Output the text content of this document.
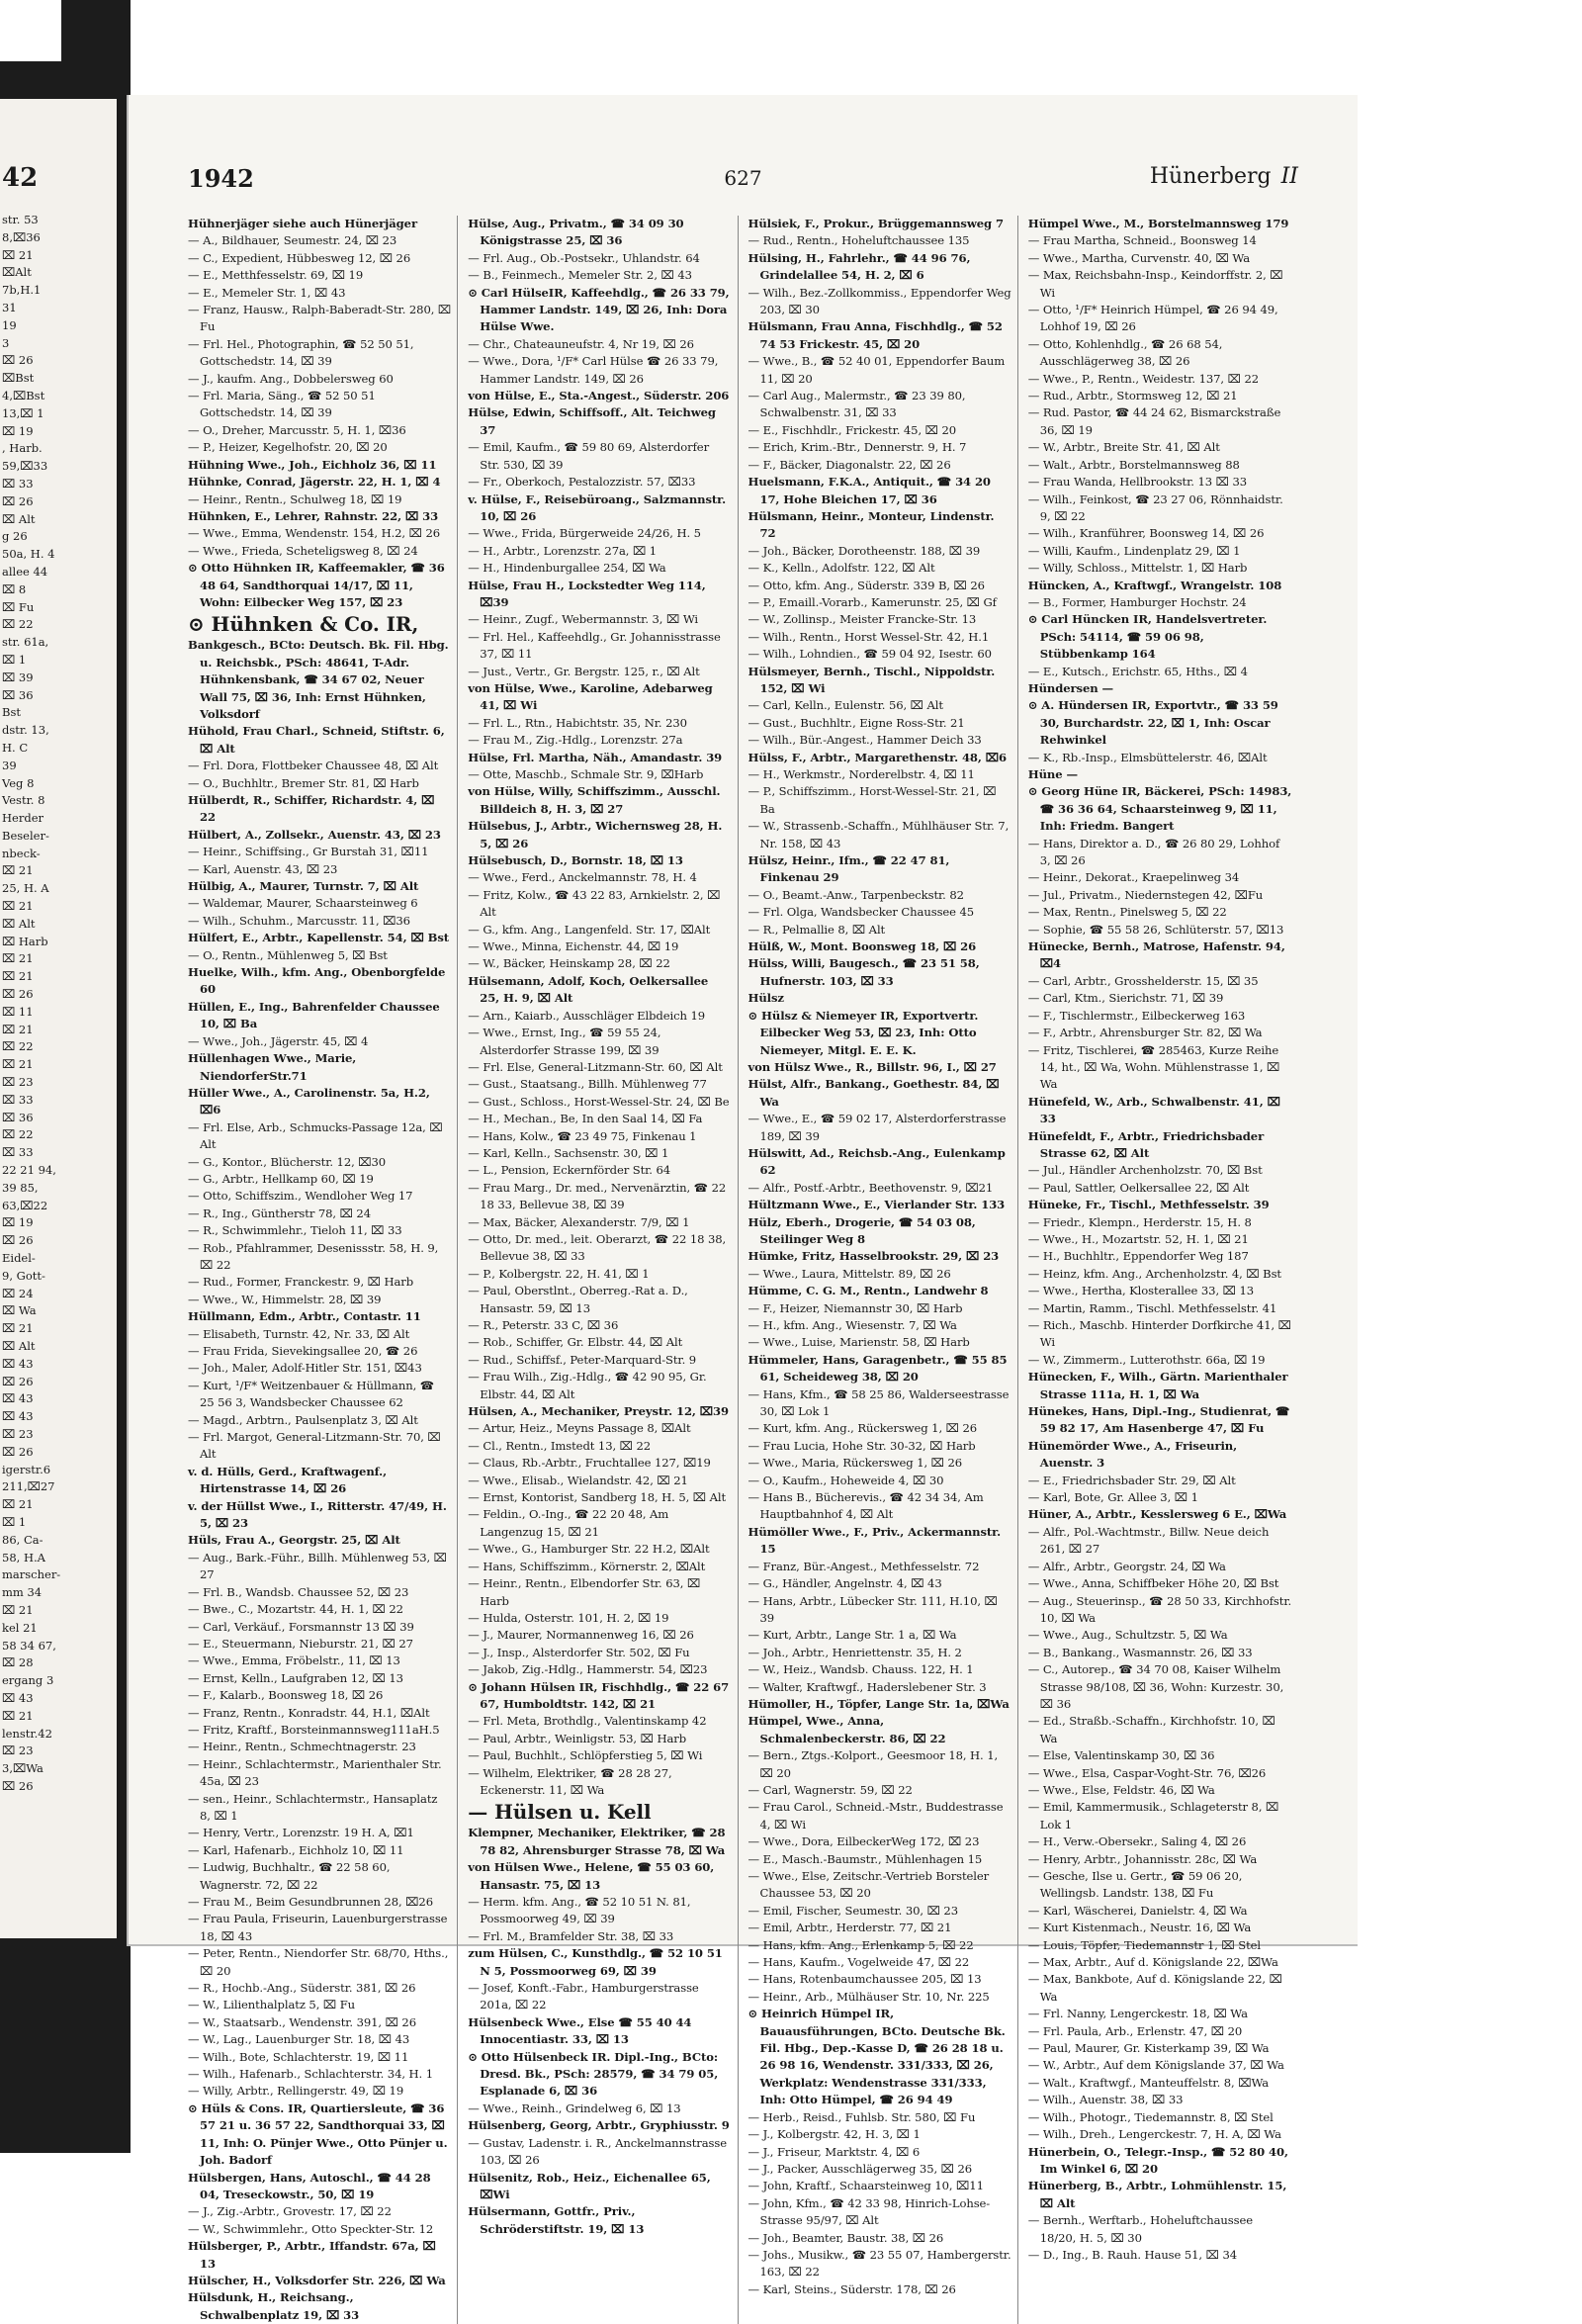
42
str. 53
8,⌧36
⌧ 21
⌧Alt
7b,H.1
31
19
3
⌧ 26
⌧Bst
4,⌧Bst
13,⌧ 1
⌧ 19
, Harb.
59,⌧33
⌧ 33
⌧ 26
⌧ Alt
g 26
50a, H. 4
allee 44
⌧ 8
⌧ Fu
⌧ 22
str. 61a,
⌧ 1
⌧ 39
⌧ 36
Bst
dstr. 13,
H. C
39
Veg 8
Vestr. 8
Herder
Beseler-
nbeck-
⌧ 21
25, H. A
⌧ 21
⌧ Alt
⌧ Harb
⌧ 21
⌧ 21
⌧ 26
⌧ 11
⌧ 21
⌧ 22
⌧ 21
⌧ 23
⌧ 33
⌧ 36
⌧ 22
⌧ 33
22 21 94,
39 85,
63,⌧22
⌧ 19
⌧ 26
Eidel-
9, Gott-
⌧ 24
⌧ Wa
⌧ 21
⌧ Alt
⌧ 43
⌧ 26
⌧ 43
⌧ 43
⌧ 23
⌧ 26
igerstr.6
211,⌧27
⌧ 21
⌧ 1
86, Ca-
58, H.A
marscher-
mm 34
⌧ 21
kel 21
58 34 67,
⌧ 28
ergang 3
⌧ 43
⌧ 21
lenstr.42
⌧ 23
3,⌧Wa
⌧ 26
1942	627	Hünerberg II
Hühnerjäger siehe auch Hünerjäger
— A., Bildhauer, Seumestr. 24, ⌧ 23
— C., Expedient, Hübbesweg 12, ⌧ 26
— E., Metthfesselstr. 69, ⌧ 19
— E., Memeler Str. 1, ⌧ 43
— Franz, Hausw., Ralph-Baberadt-Str. 280, ⌧ Fu
— Frl. Hel., Photographin, ☎ 52 50 51, Gottschedstr. 14, ⌧ 39
— J., kaufm. Ang., Dobbelersweg 60
— Frl. Maria, Säng., ☎ 52 50 51 Gottschedstr. 14, ⌧ 39
— O., Dreher, Marcusstr. 5, H. 1, ⌧36
— P., Heizer, Kegelhofstr. 20, ⌧ 20
Hühning Wwe., Joh., Eichholz 36, ⌧ 11
Hühnke, Conrad, Jägerstr. 22, H. 1, ⌧ 4
— Heinr., Rentn., Schulweg 18, ⌧ 19
Hühnken, E., Lehrer, Rahnstr. 22, ⌧ 33
— Wwe., Emma, Wendenstr. 154, H.2, ⌧ 26
— Wwe., Frieda, Scheteligsweg 8, ⌧ 24
⊙ Otto Hühnken IR, Kaffeemakler, ☎ 36 48 64, Sandthorquai 14/17, ⌧ 11, Wohn: Eilbecker Weg 157, ⌧ 23
⊙ Hühnken & Co. IR,
Bankgesch., BCto: Deutsch. Bk. Fil. Hbg. u. Reichsbk., PSch: 48641, T-Adr. Hühnkensbank, ☎ 34 67 02, Neuer Wall 75, ⌧ 36, Inh: Ernst Hühnken, Volksdorf
Hühold, Frau Charl., Schneid, Stiftstr. 6, ⌧ Alt
— Frl. Dora, Flottbeker Chaussee 48, ⌧ Alt
— O., Buchhltr., Bremer Str. 81, ⌧ Harb
Hülberdt, R., Schiffer, Richardstr. 4, ⌧ 22
Hülbert, A., Zollsekr., Auenstr. 43, ⌧ 23
— Heinr., Schiffsing., Gr Burstah 31, ⌧11
— Karl, Auenstr. 43, ⌧ 23
Hülbig, A., Maurer, Turnstr. 7, ⌧ Alt
— Waldemar, Maurer, Schaarsteinweg 6
— Wilh., Schuhm., Marcusstr. 11, ⌧36
Hülfert, E., Arbtr., Kapellenstr. 54, ⌧ Bst
— O., Rentn., Mühlenweg 5, ⌧ Bst
Huelke, Wilh., kfm. Ang., Obenborgfelde 60
Hüllen, E., Ing., Bahrenfelder Chaussee 10, ⌧ Ba
— Wwe., Joh., Jägerstr. 45, ⌧ 4
Hüllenhagen Wwe., Marie, NiendorferStr.71
Hüller Wwe., A., Carolinenstr. 5a, H.2, ⌧6
— Frl. Else, Arb., Schmucks-Passage 12a, ⌧ Alt
— G., Kontor., Blücherstr. 12, ⌧30
— G., Arbtr., Hellkamp 60, ⌧ 19
— Otto, Schiffszim., Wendloher Weg 17
— R., Ing., Güntherstr 78, ⌧ 24
— R., Schwimmlehr., Tieloh 11, ⌧ 33
— Rob., Pfahlrammer, Desenissstr. 58, H. 9, ⌧ 22
— Rud., Former, Franckestr. 9, ⌧ Harb
— Wwe., W., Himmelstr. 28, ⌧ 39
Hüllmann, Edm., Arbtr., Contastr. 11
— Elisabeth, Turnstr. 42, Nr. 33, ⌧ Alt
— Frau Frida, Sievekingsallee 20, ☎ 26
— Joh., Maler, Adolf-Hitler Str. 151, ⌧43
— Kurt, ¹/F* Weitzenbauer & Hüllmann, ☎ 25 56 3, Wandsbecker Chaussee 62
— Magd., Arbtrn., Paulsenplatz 3, ⌧ Alt
— Frl. Margot, General-Litzmann-Str. 70, ⌧ Alt
v. d. Hülls, Gerd., Kraftwagenf., Hirtenstrasse 14, ⌧ 26
v. der Hüllst Wwe., I., Ritterstr. 47/49, H. 5, ⌧ 23
Hüls, Frau A., Georgstr. 25, ⌧ Alt
— Aug., Bark.-Führ., Billh. Mühlenweg 53, ⌧ 27
— Frl. B., Wandsb. Chaussee 52, ⌧ 23
— Bwe., C., Mozartstr. 44, H. 1, ⌧ 22
— Carl, Verkäuf., Forsmannstr 13 ⌧ 39
— E., Steuermann, Nieburstr. 21, ⌧ 27
— Wwe., Emma, Fröbelstr., 11, ⌧ 13
— Ernst, Kelln., Laufgraben 12, ⌧ 13
— F., Kalarb., Boonsweg 18, ⌧ 26
— Franz, Rentn., Konradstr. 44, H.1, ⌧Alt
— Fritz, Kraftf., Borsteinmannsweg111aH.5
— Heinr., Rentn., Schmechtnagerstr. 23
— Heinr., Schlachtermstr., Marienthaler Str. 45a, ⌧ 23
— sen., Heinr., Schlachtermstr., Hansaplatz 8, ⌧ 1
— Henry, Vertr., Lorenzstr. 19 H. A, ⌧1
— Karl, Hafenarb., Eichholz 10, ⌧ 11
— Ludwig, Buchhaltr., ☎ 22 58 60, Wagnerstr. 72, ⌧ 22
— Frau M., Beim Gesundbrunnen 28, ⌧26
— Frau Paula, Friseurin, Lauenburgerstrasse 18, ⌧ 43
— Peter, Rentn., Niendorfer Str. 68/70, Hths., ⌧ 20
— R., Hochb.-Ang., Süderstr. 381, ⌧ 26
— W., Lilienthalplatz 5, ⌧ Fu
— W., Staatsarb., Wendenstr. 391, ⌧ 26
— W., Lag., Lauenburger Str. 18, ⌧ 43
— Wilh., Bote, Schlachterstr. 19, ⌧ 11
— Wilh., Hafenarb., Schlachterstr. 34, H. 1
— Willy, Arbtr., Rellingerstr. 49, ⌧ 19
⊙ Hüls & Cons. IR, Quartiersleute, ☎ 36 57 21 u. 36 57 22, Sandthorquai 33, ⌧ 11, Inh: O. Pünjer Wwe., Otto Pünjer u. Joh. Badorf
Hülsbergen, Hans, Autoschl., ☎ 44 28 04, Treseckowstr., 50, ⌧ 19
— J., Zig.-Arbtr., Grovestr. 17, ⌧ 22
— W., Schwimmlehr., Otto Speckter-Str. 12
Hülsberger, P., Arbtr., Iffandstr. 67a, ⌧ 13
Hülscher, H., Volksdorfer Str. 226, ⌧ Wa
Hülsdunk, H., Reichsang., Schwalbenplatz 19, ⌧ 33
Hülse, Aug., Privatm., ☎ 34 09 30 Königstrasse 25, ⌧ 36
— Frl. Aug., Ob.-Postsekr., Uhlandstr. 64
— B., Feinmech., Memeler Str. 2, ⌧ 43
⊙ Carl HülseIR, Kaffeehdlg., ☎ 26 33 79, Hammer Landstr. 149, ⌧ 26, Inh: Dora Hülse Wwe.
— Chr., Chateauneufstr. 4, Nr 19, ⌧ 26
— Wwe., Dora, ¹/F* Carl Hülse ☎ 26 33 79, Hammer Landstr. 149, ⌧ 26
von Hülse, E., Sta.-Angest., Süderstr. 206
Hülse, Edwin, Schiffsoff., Alt. Teichweg 37
— Emil, Kaufm., ☎ 59 80 69, Alsterdorfer Str. 530, ⌧ 39
— Fr., Oberkoch, Pestalozzistr. 57, ⌧33
v. Hülse, F., Reisebüroang., Salzmannstr. 10, ⌧ 26
— Wwe., Frida, Bürgerweide 24/26, H. 5
— H., Arbtr., Lorenzstr. 27a, ⌧ 1
— H., Hindenburgallee 254, ⌧ Wa
Hülse, Frau H., Lockstedter Weg 114, ⌧39
— Heinr., Zugf., Webermannstr. 3, ⌧ Wi
— Frl. Hel., Kaffeehdlg., Gr. Johannisstrasse 37, ⌧ 11
— Just., Vertr., Gr. Bergstr. 125, r., ⌧ Alt
von Hülse, Wwe., Karoline, Adebarweg 41, ⌧ Wi
— Frl. L., Rtn., Habichtstr. 35, Nr. 230
— Frau M., Zig.-Hdlg., Lorenzstr. 27a
Hülse, Frl. Martha, Näh., Amandastr. 39
— Otte, Maschb., Schmale Str. 9, ⌧Harb
von Hülse, Willy, Schiffszimm., Ausschl. Billdeich 8, H. 3, ⌧ 27
Hülsebus, J., Arbtr., Wichernsweg 28, H. 5, ⌧ 26
Hülsebusch, D., Bornstr. 18, ⌧ 13
— Wwe., Ferd., Anckelmannstr. 78, H. 4
— Fritz, Kolw., ☎ 43 22 83, Arnkielstr. 2, ⌧ Alt
— G., kfm. Ang., Langenfeld. Str. 17, ⌧Alt
— Wwe., Minna, Eichenstr. 44, ⌧ 19
— W., Bäcker, Heinskamp 28, ⌧ 22
Hülsemann, Adolf, Koch, Oelkersallee 25, H. 9, ⌧ Alt
— Arn., Kaiarb., Ausschläger Elbdeich 19
— Wwe., Ernst, Ing., ☎ 59 55 24, Alsterdorfer Strasse 199, ⌧ 39
— Frl. Else, General-Litzmann-Str. 60, ⌧ Alt
— Gust., Staatsang., Billh. Mühlenweg 77
— Gust., Schloss., Horst-Wessel-Str. 24, ⌧ Be
— H., Mechan., Be, In den Saal 14, ⌧ Fa
— Hans, Kolw., ☎ 23 49 75, Finkenau 1
— Karl, Kelln., Sachsenstr. 30, ⌧ 1
— L., Pension, Eckernförder Str. 64
— Frau Marg., Dr. med., Nervenärztin, ☎ 22 18 33, Bellevue 38, ⌧ 39
— Max, Bäcker, Alexanderstr. 7/9, ⌧ 1
— Otto, Dr. med., leit. Oberarzt, ☎ 22 18 38, Bellevue 38, ⌧ 33
— P., Kolbergstr. 22, H. 41, ⌧ 1
— Paul, Oberstlnt., Oberreg.-Rat a. D., Hansastr. 59, ⌧ 13
— R., Peterstr. 33 C, ⌧ 36
— Rob., Schiffer, Gr. Elbstr. 44, ⌧ Alt
— Rud., Schiffsf., Peter-Marquard-Str. 9
— Frau Wilh., Zig.-Hdlg., ☎ 42 90 95, Gr. Elbstr. 44, ⌧ Alt
Hülsen, A., Mechaniker, Preystr. 12, ⌧39
— Artur, Heiz., Meyns Passage 8, ⌧Alt
— Cl., Rentn., Imstedt 13, ⌧ 22
— Claus, Rb.-Arbtr., Fruchtallee 127, ⌧19
— Wwe., Elisab., Wielandstr. 42, ⌧ 21
— Ernst, Kontorist, Sandberg 18, H. 5, ⌧ Alt
— Feldin., O.-Ing., ☎ 22 20 48, Am Langenzug 15, ⌧ 21
— Wwe., G., Hamburger Str. 22 H.2, ⌧Alt
— Hans, Schiffszimm., Körnerstr. 2, ⌧Alt
— Heinr., Rentn., Elbendorfer Str. 63, ⌧ Harb
— Hulda, Osterstr. 101, H. 2, ⌧ 19
— J., Maurer, Normannenweg 16, ⌧ 26
— J., Insp., Alsterdorfer Str. 502, ⌧ Fu
— Jakob, Zig.-Hdlg., Hammerstr. 54, ⌧23
⊙ Johann Hülsen IR, Fischhdlg., ☎ 22 67 67, Humboldtstr. 142, ⌧ 21
— Frl. Meta, Brothdlg., Valentinskamp 42
— Paul, Arbtr., Weinligstr. 53, ⌧ Harb
— Paul, Buchhlt., Schlöpferstieg 5, ⌧ Wi
— Wilhelm, Elektriker, ☎ 28 28 27, Eckenerstr. 11, ⌧ Wa
— Hülsen u. Kell
Klempner, Mechaniker, Elektriker, ☎ 28 78 82, Ahrensburger Strasse 78, ⌧ Wa
von Hülsen Wwe., Helene, ☎ 55 03 60, Hansastr. 75, ⌧ 13
— Herm. kfm. Ang., ☎ 52 10 51 N. 81, Possmoorweg 49, ⌧ 39
— Frl. M., Bramfelder Str. 38, ⌧ 33
zum Hülsen, C., Kunsthdlg., ☎ 52 10 51 N 5, Possmoorweg 69, ⌧ 39
— Josef, Konft.-Fabr., Hamburgerstrasse 201a, ⌧ 22
Hülsenbeck Wwe., Else ☎ 55 40 44 Innocentiastr. 33, ⌧ 13
⊙ Otto Hülsenbeck IR. Dipl.-Ing., BCto: Dresd. Bk., PSch: 28579, ☎ 34 79 05, Esplanade 6, ⌧ 36
— Wwe., Reinh., Grindelweg 6, ⌧ 13
Hülsenberg, Georg, Arbtr., Gryphiusstr. 9
— Gustav, Ladenstr. i. R., Anckelmannstrasse 103, ⌧ 26
Hülsenitz, Rob., Heiz., Eichenallee 65, ⌧Wi
Hülsermann, Gottfr., Priv., Schröderstiftstr. 19, ⌧ 13
Hülsiek, F., Prokur., Brüggemannsweg 7
— Rud., Rentn., Hoheluftchaussee 135
Hülsing, H., Fahrlehr., ☎ 44 96 76, Grindelallee 54, H. 2, ⌧ 6
— Wilh., Bez.-Zollkommiss., Eppendorfer Weg 203, ⌧ 30
Hülsmann, Frau Anna, Fischhdlg., ☎ 52 74 53 Frickestr. 45, ⌧ 20
— Wwe., B., ☎ 52 40 01, Eppendorfer Baum 11, ⌧ 20
— Carl Aug., Malermstr., ☎ 23 39 80, Schwalbenstr. 31, ⌧ 33
— E., Fischhdlr., Frickestr. 45, ⌧ 20
— Erich, Krim.-Btr., Dennerstr. 9, H. 7
— F., Bäcker, Diagonalstr. 22, ⌧ 26
Huelsmann, F.K.A., Antiquit., ☎ 34 20 17, Hohe Bleichen 17, ⌧ 36
Hülsmann, Heinr., Monteur, Lindenstr. 72
— Joh., Bäcker, Dorotheenstr. 188, ⌧ 39
— K., Kelln., Adolfstr. 122, ⌧ Alt
— Otto, kfm. Ang., Süderstr. 339 B, ⌧ 26
— P., Emaill.-Vorarb., Kamerunstr. 25, ⌧ Gf
— W., Zollinsp., Meister Francke-Str. 13
— Wilh., Rentn., Horst Wessel-Str. 42, H.1
— Wilh., Lohndien., ☎ 59 04 92, Isestr. 60
Hülsmeyer, Bernh., Tischl., Nippoldstr. 152, ⌧ Wi
— Carl, Kelln., Eulenstr. 56, ⌧ Alt
— Gust., Buchhltr., Eigne Ross-Str. 21
— Wilh., Bür.-Angest., Hammer Deich 33
Hülss, F., Arbtr., Margarethenstr. 48, ⌧6
— H., Werkmstr., Norderelbstr. 4, ⌧ 11
— P., Schiffszimm., Horst-Wessel-Str. 21, ⌧ Ba
— W., Strassenb.-Schaffn., Mühlhäuser Str. 7, Nr. 158, ⌧ 43
Hülsz, Heinr., Ifm., ☎ 22 47 81, Finkenau 29
— O., Beamt.-Anw., Tarpenbeckstr. 82
— Frl. Olga, Wandsbecker Chaussee 45
— R., Pelmallie 8, ⌧ Alt
Hülß, W., Mont. Boonsweg 18, ⌧ 26
Hülss, Willi, Baugesch., ☎ 23 51 58, Hufnerstr. 103, ⌧ 33
Hülsz
⊙ Hülsz & Niemeyer IR, Exportvertr. Eilbecker Weg 53, ⌧ 23, Inh: Otto Niemeyer, Mitgl. E. E. K.
von Hülsz Wwe., R., Billstr. 96, I., ⌧ 27
Hülst, Alfr., Bankang., Goethestr. 84, ⌧ Wa
— Wwe., E., ☎ 59 02 17, Alsterdorferstrasse 189, ⌧ 39
Hülswitt, Ad., Reichsb.-Ang., Eulenkamp 62
— Alfr., Postf.-Arbtr., Beethovenstr. 9, ⌧21
Hültzmann Wwe., E., Vierlander Str. 133
Hülz, Eberh., Drogerie, ☎ 54 03 08, Steilinger Weg 8
Hümke, Fritz, Hasselbrookstr. 29, ⌧ 23
— Wwe., Laura, Mittelstr. 89, ⌧ 26
Hümme, C. G. M., Rentn., Landwehr 8
— F., Heizer, Niemannstr 30, ⌧ Harb
— H., kfm. Ang., Wiesenstr. 7, ⌧ Wa
— Wwe., Luise, Marienstr. 58, ⌧ Harb
Hümmeler, Hans, Garagenbetr., ☎ 55 85 61, Scheideweg 38, ⌧ 20
— Hans, Kfm., ☎ 58 25 86, Walderseestrasse 30, ⌧ Lok 1
— Kurt, kfm. Ang., Rückersweg 1, ⌧ 26
— Frau Lucia, Hohe Str. 30-32, ⌧ Harb
— Wwe., Maria, Rückersweg 1, ⌧ 26
— O., Kaufm., Hoheweide 4, ⌧ 30
— Hans B., Bücherevis., ☎ 42 34 34, Am Hauptbahnhof 4, ⌧ Alt
Hümöller Wwe., F., Priv., Ackermannstr. 15
— Franz, Bür.-Angest., Methfesselstr. 72
— G., Händler, Angelnstr. 4, ⌧ 43
— Hans, Arbtr., Lübecker Str. 111, H.10, ⌧ 39
— Kurt, Arbtr., Lange Str. 1 a, ⌧ Wa
— Joh., Arbtr., Henriettenstr. 35, H. 2
— W., Heiz., Wandsb. Chauss. 122, H. 1
— Walter, Kraftwgf., Haderslebener Str. 3
Hümoller, H., Töpfer, Lange Str. 1a, ⌧Wa
Hümpel, Wwe., Anna, Schmalenbeckerstr. 86, ⌧ 22
— Bern., Ztgs.-Kolport., Geesmoor 18, H. 1, ⌧ 20
— Carl, Wagnerstr. 59, ⌧ 22
— Frau Carol., Schneid.-Mstr., Buddestrasse 4, ⌧ Wi
— Wwe., Dora, EilbeckerWeg 172, ⌧ 23
— E., Masch.-Baumstr., Mühlenhagen 15
— Wwe., Else, Zeitschr.-Vertrieb Borsteler Chaussee 53, ⌧ 20
— Emil, Fischer, Seumestr. 30, ⌧ 23
— Emil, Arbtr., Herderstr. 77, ⌧ 21
— Hans, kfm. Ang., Erlenkamp 5, ⌧ 22
— Hans, Kaufm., Vogelweide 47, ⌧ 22
— Hans, Rotenbaumchaussee 205, ⌧ 13
— Heinr., Arb., Mülhäuser Str. 10, Nr. 225
⊙ Heinrich Hümpel IR, Bauausführungen, BCto. Deutsche Bk. Fil. Hbg., Dep.-Kasse D, ☎ 26 28 18 u. 26 98 16, Wendenstr. 331/333, ⌧ 26, Werkplatz: Wendenstrasse 331/333, Inh: Otto Hümpel, ☎ 26 94 49
— Herb., Reisd., Fuhlsb. Str. 580, ⌧ Fu
— J., Kolbergstr. 42, H. 3, ⌧ 1
— J., Friseur, Marktstr. 4, ⌧ 6
— J., Packer, Ausschlägerweg 35, ⌧ 26
— John, Kraftf., Schaarsteinweg 10, ⌧11
— John, Kfm., ☎ 42 33 98, Hinrich-Lohse-Strasse 95/97, ⌧ Alt
— Joh., Beamter, Baustr. 38, ⌧ 26
— Johs., Musikw., ☎ 23 55 07, Hambergerstr. 163, ⌧ 22
— Karl, Steins., Süderstr. 178, ⌧ 26
Hümpel Wwe., M., Borstelmannsweg 179
— Frau Martha, Schneid., Boonsweg 14
— Wwe., Martha, Curvenstr. 40, ⌧ Wa
— Max, Reichsbahn-Insp., Keindorffstr. 2, ⌧ Wi
— Otto, ¹/F* Heinrich Hümpel, ☎ 26 94 49, Lohhof 19, ⌧ 26
— Otto, Kohlenhdlg., ☎ 26 68 54, Ausschlägerweg 38, ⌧ 26
— Wwe., P., Rentn., Weidestr. 137, ⌧ 22
— Rud., Arbtr., Stormsweg 12, ⌧ 21
— Rud. Pastor, ☎ 44 24 62, Bismarckstraße 36, ⌧ 19
— W., Arbtr., Breite Str. 41, ⌧ Alt
— Walt., Arbtr., Borstelmannsweg 88
— Frau Wanda, Hellbrookstr. 13 ⌧ 33
— Wilh., Feinkost, ☎ 23 27 06, Rönnhaidstr. 9, ⌧ 22
— Wilh., Kranführer, Boonsweg 14, ⌧ 26
— Willi, Kaufm., Lindenplatz 29, ⌧ 1
— Willy, Schloss., Mittelstr. 1, ⌧ Harb
Hüncken, A., Kraftwgf., Wrangelstr. 108
— B., Former, Hamburger Hochstr. 24
⊙ Carl Hüncken IR, Handelsvertreter. PSch: 54114, ☎ 59 06 98, Stübbenkamp 164
— E., Kutsch., Erichstr. 65, Hths., ⌧ 4
Hündersen —
⊙ A. Hündersen IR, Exportvtr., ☎ 33 59 30, Burchardstr. 22, ⌧ 1, Inh: Oscar Rehwinkel
— K., Rb.-Insp., Elmsbüttelerstr. 46, ⌧Alt
Hüne —
⊙ Georg Hüne IR, Bäckerei, PSch: 14983, ☎ 36 36 64, Schaarsteinweg 9, ⌧ 11, Inh: Friedm. Bangert
— Hans, Direktor a. D., ☎ 26 80 29, Lohhof 3, ⌧ 26
— Heinr., Dekorat., Kraepelinweg 34
— Jul., Privatm., Niedernstegen 42, ⌧Fu
— Max, Rentn., Pinelsweg 5, ⌧ 22
— Sophie, ☎ 55 58 26, Schlüterstr. 57, ⌧13
Hünecke, Bernh., Matrose, Hafenstr. 94, ⌧4
— Carl, Arbtr., Grosshelderstr. 15, ⌧ 35
— Carl, Ktm., Sierichstr. 71, ⌧ 39
— F., Tischlermstr., Eilbeckerweg 163
— F., Arbtr., Ahrensburger Str. 82, ⌧ Wa
— Fritz, Tischlerei, ☎ 285463, Kurze Reihe 14, ht., ⌧ Wa, Wohn. Mühlenstrasse 1, ⌧ Wa
Hünefeld, W., Arb., Schwalbenstr. 41, ⌧ 33
Hünefeldt, F., Arbtr., Friedrichsbader Strasse 62, ⌧ Alt
— Jul., Händler Archenholzstr. 70, ⌧ Bst
— Paul, Sattler, Oelkersallee 22, ⌧ Alt
Hüneke, Fr., Tischl., Methfesselstr. 39
— Friedr., Klempn., Herderstr. 15, H. 8
— Wwe., H., Mozartstr. 52, H. 1, ⌧ 21
— H., Buchhltr., Eppendorfer Weg 187
— Heinz, kfm. Ang., Archenholzstr. 4, ⌧ Bst
— Wwe., Hertha, Klosterallee 33, ⌧ 13
— Martin, Ramm., Tischl. Methfesselstr. 41
— Rich., Maschb. Hinterder Dorfkirche 41, ⌧ Wi
— W., Zimmerm., Lutterothstr. 66a, ⌧ 19
Hünecken, F., Wilh., Gärtn. Marienthaler Strasse 111a, H. 1, ⌧ Wa
Hünekes, Hans, Dipl.-Ing., Studienrat, ☎ 59 82 17, Am Hasenberge 47, ⌧ Fu
Hünemörder Wwe., A., Friseurin, Auenstr. 3
— E., Friedrichsbader Str. 29, ⌧ Alt
— Karl, Bote, Gr. Allee 3, ⌧ 1
Hüner, A., Arbtr., Kesslersweg 6 E., ⌧Wa
— Alfr., Pol.-Wachtmstr., Billw. Neue deich 261, ⌧ 27
— Alfr., Arbtr., Georgstr. 24, ⌧ Wa
— Wwe., Anna, Schiffbeker Höhe 20, ⌧ Bst
— Aug., Steuerinsp., ☎ 28 50 33, Kirchhofstr. 10, ⌧ Wa
— Wwe., Aug., Schultzstr. 5, ⌧ Wa
— B., Bankang., Wasmannstr. 26, ⌧ 33
— C., Autorep., ☎ 34 70 08, Kaiser Wilhelm Strasse 98/108, ⌧ 36, Wohn: Kurzestr. 30, ⌧ 36
— Ed., Straßb.-Schaffn., Kirchhofstr. 10, ⌧ Wa
— Else, Valentinskamp 30, ⌧ 36
— Wwe., Elsa, Caspar-Voght-Str. 76, ⌧26
— Wwe., Else, Feldstr. 46, ⌧ Wa
— Emil, Kammermusik., Schlageterstr 8, ⌧ Lok 1
— H., Verw.-Obersekr., Saling 4, ⌧ 26
— Henry, Arbtr., Johannisstr. 28c, ⌧ Wa
— Gesche, Ilse u. Gertr., ☎ 59 06 20, Wellingsb. Landstr. 138, ⌧ Fu
— Karl, Wäscherei, Danielstr. 4, ⌧ Wa
— Kurt Kistenmach., Neustr. 16, ⌧ Wa
— Louis, Töpfer, Tiedemannstr 1, ⌧ Stel
— Max, Arbtr., Auf d. Königslande 22, ⌧Wa
— Max, Bankbote, Auf d. Königslande 22, ⌧ Wa
— Frl. Nanny, Lengerckestr. 18, ⌧ Wa
— Frl. Paula, Arb., Erlenstr. 47, ⌧ 20
— Paul, Maurer, Gr. Kisterkamp 39, ⌧ Wa
— W., Arbtr., Auf dem Königslande 37, ⌧ Wa
— Walt., Kraftwgf., Manteuffelstr. 8, ⌧Wa
— Wilh., Auenstr. 38, ⌧ 33
— Wilh., Photogr., Tiedemannstr. 8, ⌧ Stel
— Wilh., Dreh., Lengerckestr. 7, H. A, ⌧ Wa
Hünerbein, O., Telegr.-Insp., ☎ 52 80 40, Im Winkel 6, ⌧ 20
Hünerberg, B., Arbtr., Lohmühlenstr. 15, ⌧ Alt
— Bernh., Werftarb., Hoheluftchaussee 18/20, H. 5, ⌧ 30
— D., Ing., B. Rauh. Hause 51, ⌧ 34
